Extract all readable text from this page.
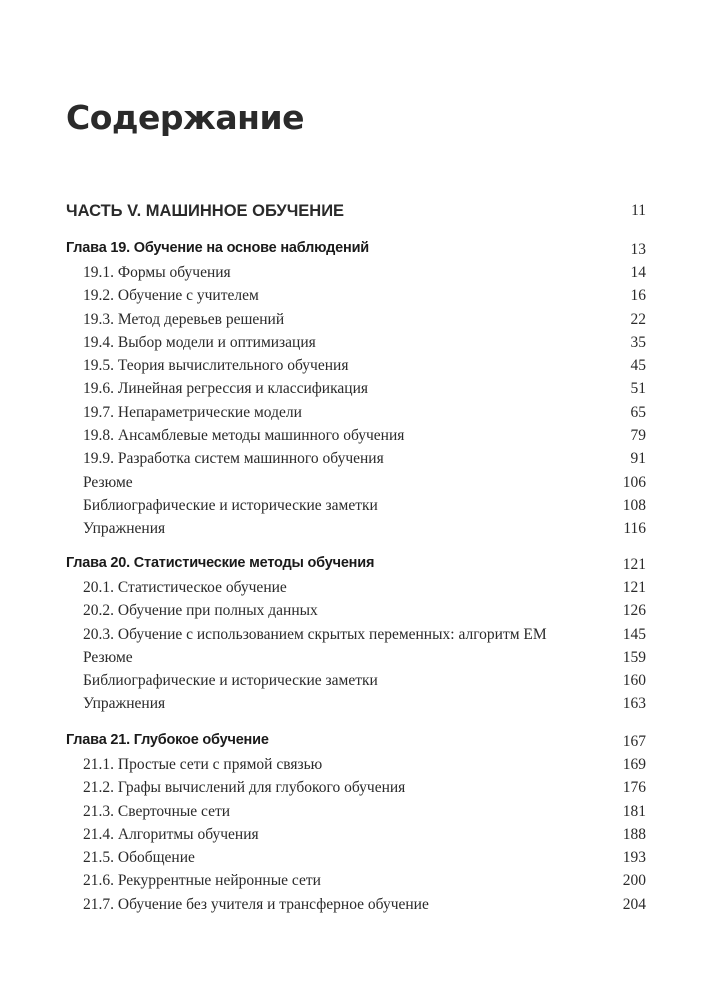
Содержание
ЧАСТЬ V. МАШИННОЕ ОБУЧЕНИЕ	11
Глава 19. Обучение на основе наблюдений	13
19.1. Формы обучения	14
19.2. Обучение с учителем	16
19.3. Метод деревьев решений	22
19.4. Выбор модели и оптимизация	35
19.5. Теория вычислительного обучения	45
19.6. Линейная регрессия и классификация	51
19.7. Непараметрические модели	65
19.8. Ансамблевые методы машинного обучения	79
19.9. Разработка систем машинного обучения	91
Резюме	106
Библиографические и исторические заметки	108
Упражнения	116
Глава 20. Статистические методы обучения	121
20.1. Статистическое обучение	121
20.2. Обучение при полных данных	126
20.3. Обучение с использованием скрытых переменных: алгоритм EM	145
Резюме	159
Библиографические и исторические заметки	160
Упражнения	163
Глава 21. Глубокое обучение	167
21.1. Простые сети с прямой связью	169
21.2. Графы вычислений для глубокого обучения	176
21.3. Сверточные сети	181
21.4. Алгоритмы обучения	188
21.5. Обобщение	193
21.6. Рекуррентные нейронные сети	200
21.7. Обучение без учителя и трансферное обучение	204
